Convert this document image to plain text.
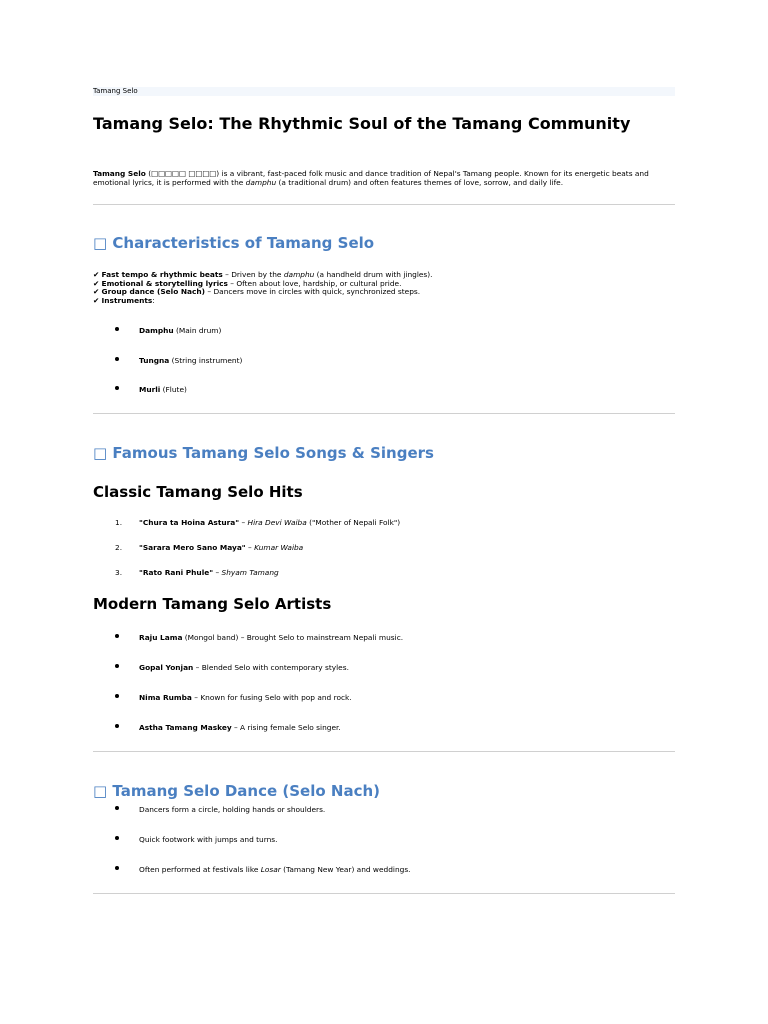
Tamang Selo
Tamang Selo: The Rhythmic Soul of the Tamang Community

Tamang Selo (□□□□□ □□□□) is a vibrant, fast-paced folk music and dance tradition of Nepal's Tamang people. Known for its energetic beats and emotional lyrics, it is performed with the damphu (a traditional drum) and often features themes of love, sorrow, and daily life.

□ Characteristics of Tamang Selo
✔ Fast tempo & rhythmic beats – Driven by the damphu (a handheld drum with jingles).
✔ Emotional & storytelling lyrics – Often about love, hardship, or cultural pride.
✔ Group dance (Selo Nach) – Dancers move in circles with quick, synchronized steps.
✔ Instruments:
Damphu (Main drum)
Tungna (String instrument)
Murli (Flute)
□ Famous Tamang Selo Songs & Singers
Classic Tamang Selo Hits
1. "Chura ta Hoina Astura" – Hira Devi Waiba ("Mother of Nepali Folk")
2. "Sarara Mero Sano Maya" – Kumar Waiba
3. "Rato Rani Phule" – Shyam Tamang
Modern Tamang Selo Artists
Raju Lama (Mongol band) – Brought Selo to mainstream Nepali music.
Gopal Yonjan – Blended Selo with contemporary styles.
Nima Rumba – Known for fusing Selo with pop and rock.
Astha Tamang Maskey – A rising female Selo singer.
□ Tamang Selo Dance (Selo Nach)
Dancers form a circle, holding hands or shoulders.
Quick footwork with jumps and turns.
Often performed at festivals like Losar (Tamang New Year) and weddings.
